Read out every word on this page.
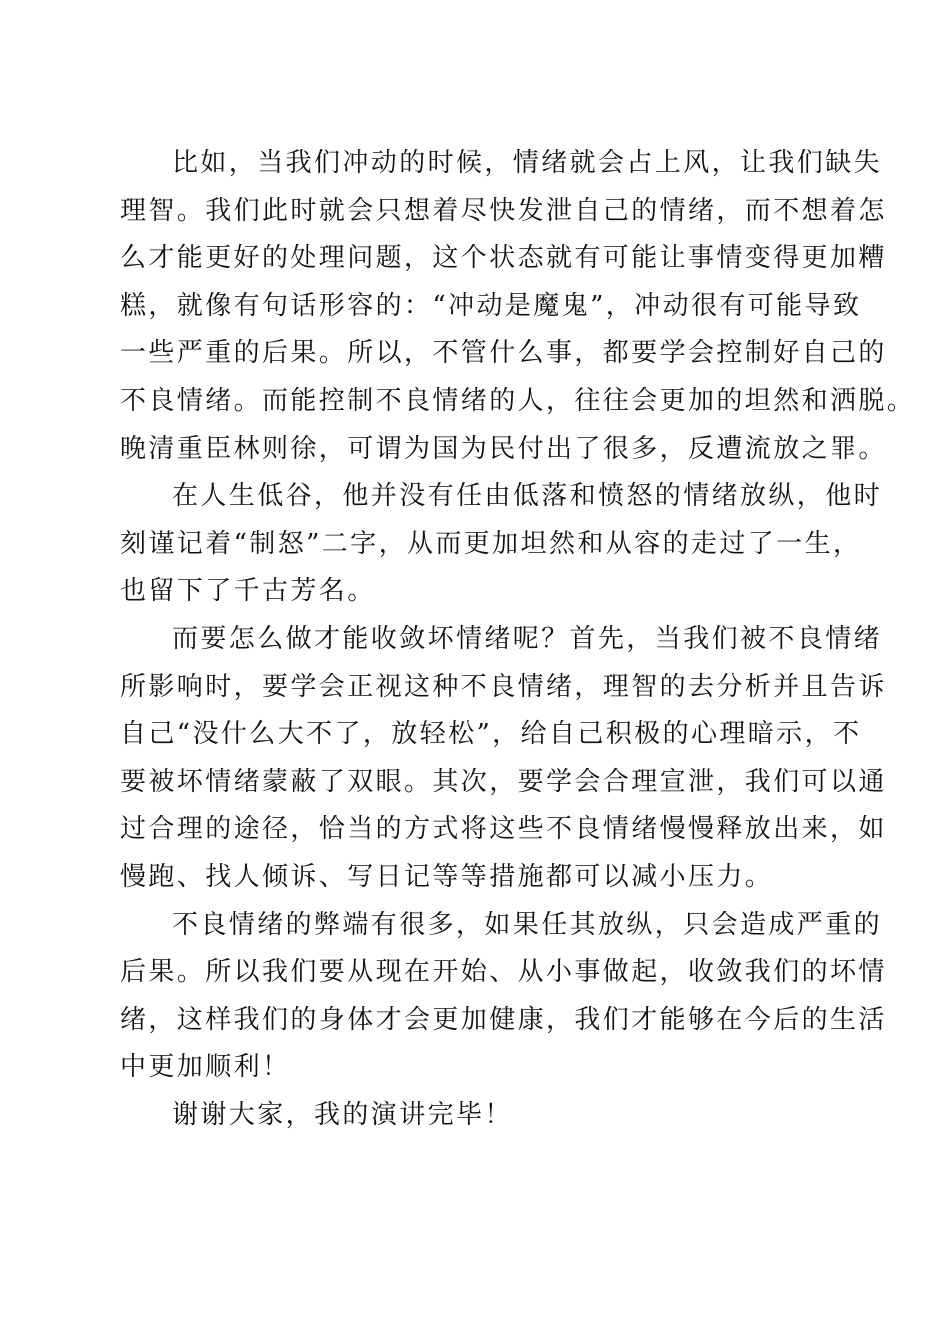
比如，当我们冲动的时候，情绪就会占上风，让我们缺失
理智。我们此时就会只想着尽快发泄自己的情绪，而不想着怎
么才能更好的处理问题，这个状态就有可能让事情变得更加糟
糕，就像有句话形容的：“冲动是魔鬼”，冲动很有可能导致
一些严重的后果。所以，不管什么事，都要学会控制好自己的
不良情绪。而能控制不良情绪的人，往往会更加的坦然和洒脱。
晚清重臣林则徐，可谓为国为民付出了很多，反遭流放之罪。
在人生低谷，他并没有任由低落和愤怒的情绪放纵，他时
刻谨记着“制怒”二字，从而更加坦然和从容的走过了一生，
也留下了千古芳名。
而要怎么做才能收敛坏情绪呢？首先，当我们被不良情绪
所影响时，要学会正视这种不良情绪，理智的去分析并且告诉
自己“没什么大不了，放轻松”，给自己积极的心理暗示，不
要被坏情绪蒙蔽了双眼。其次，要学会合理宣泄，我们可以通
过合理的途径，恰当的方式将这些不良情绪慢慢释放出来，如
慢跑、找人倾诉、写日记等等措施都可以减小压力。
不良情绪的弊端有很多，如果任其放纵，只会造成严重的
后果。所以我们要从现在开始、从小事做起，收敛我们的坏情
绪，这样我们的身体才会更加健康，我们才能够在今后的生活
中更加顺利！
谢谢大家，我的演讲完毕！
